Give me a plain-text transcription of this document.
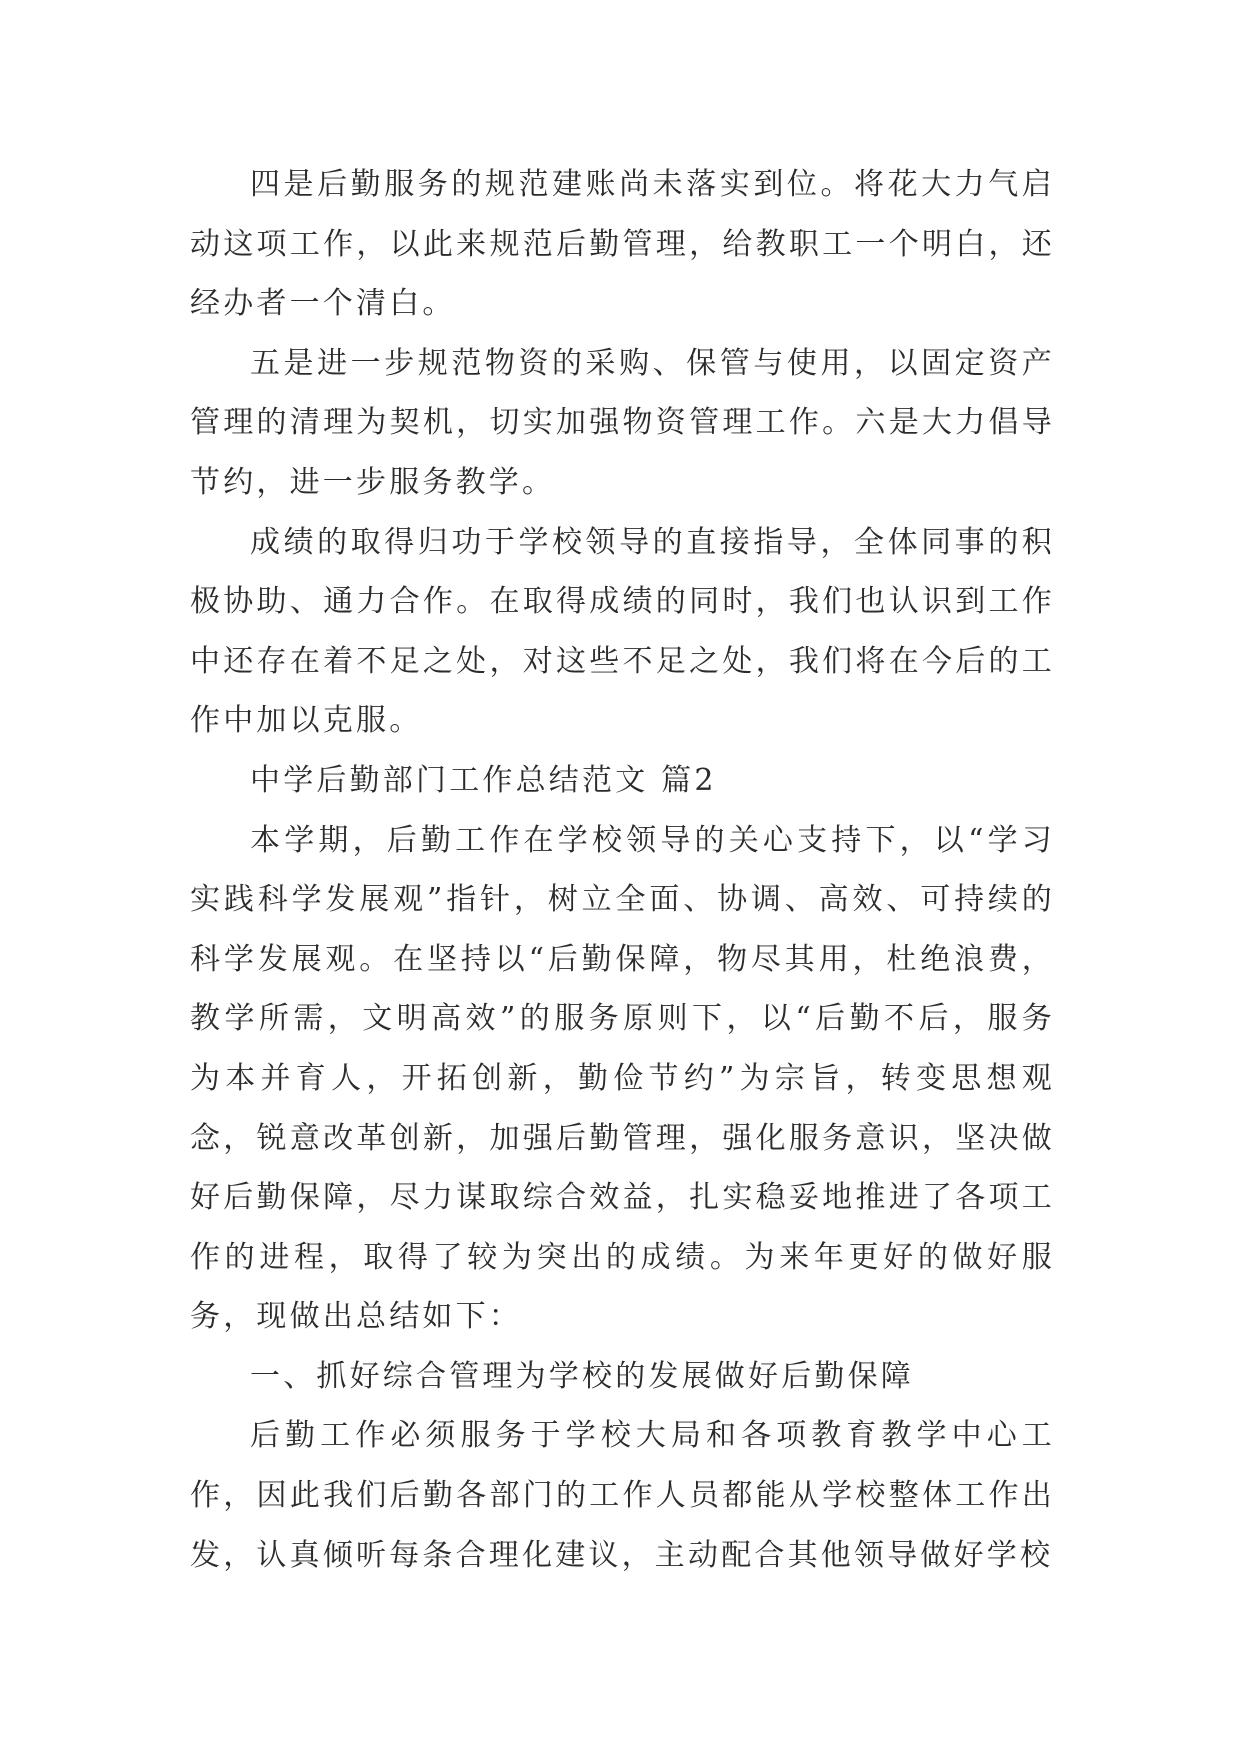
四是后勤服务的规范建账尚未落实到位。将花大力气启动这项工作，以此来规范后勤管理，给教职工一个明白，还经办者一个清白。

五是进一步规范物资的采购、保管与使用，以固定资产管理的清理为契机，切实加强物资管理工作。六是大力倡导节约，进一步服务教学。

成绩的取得归功于学校领导的直接指导，全体同事的积极协助、通力合作。在取得成绩的同时，我们也认识到工作中还存在着不足之处，对这些不足之处，我们将在今后的工作中加以克服。

中学后勤部门工作总结范文 篇2

本学期，后勤工作在学校领导的关心支持下，以“学习实践科学发展观”指针，树立全面、协调、高效、可持续的科学发展观。在坚持以“后勤保障，物尽其用，杜绝浪费，教学所需，文明高效”的服务原则下，以“后勤不后，服务为本并育人，开拓创新，勤俭节约”为宗旨，转变思想观念，锐意改革创新，加强后勤管理，强化服务意识，坚决做好后勤保障，尽力谋取综合效益，扎实稳妥地推进了各项工作的进程，取得了较为突出的成绩。为来年更好的做好服务，现做出总结如下：

一、抓好综合管理为学校的发展做好后勤保障

后勤工作必须服务于学校大局和各项教育教学中心工作，因此我们后勤各部门的工作人员都能从学校整体工作出发，认真倾听每条合理化建议，主动配合其他领导做好学校
